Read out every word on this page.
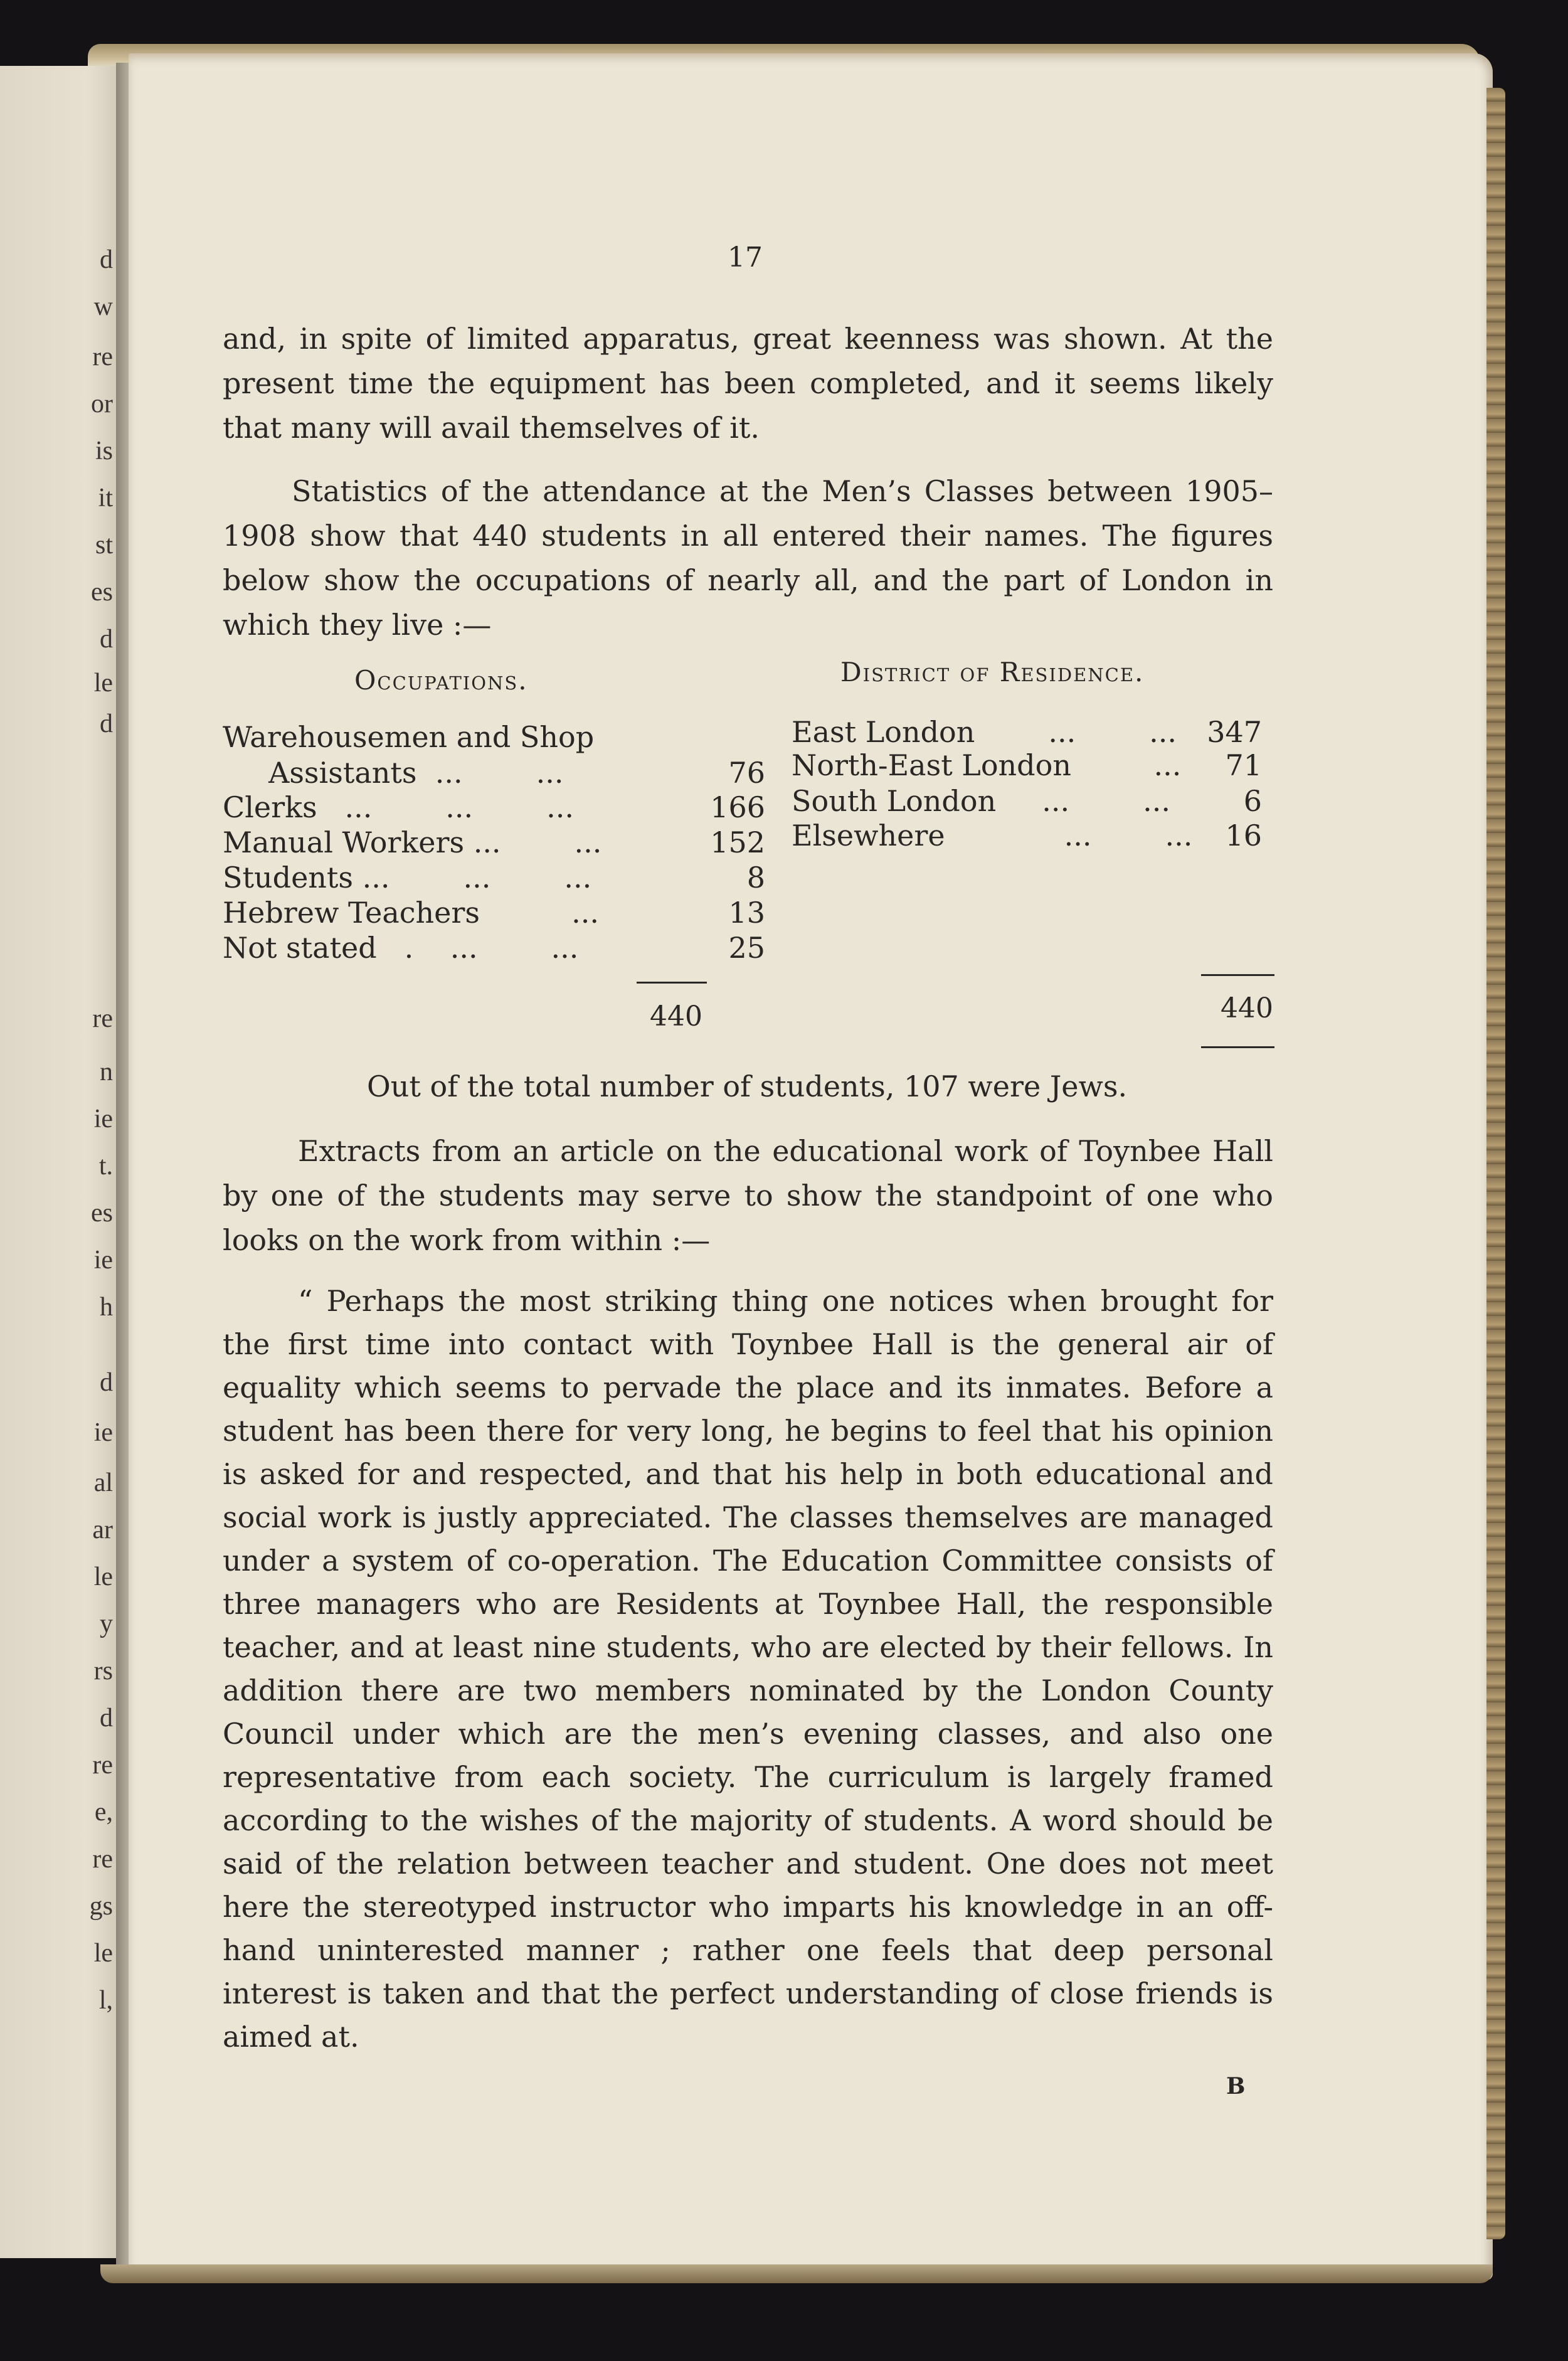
d
w
re
or
is
it
st
es
d
le
d
re
n
ie
t.
es
ie
h
d
ie
al
ar
le
y
rs
d
re
e,
re
gs
le
l,
17
and, in spite of limited apparatus, great keenness was shown. At the present time the equipment has been completed, and it seems likely that many will avail themselves of it.
Statistics of the attendance at the Men’s Classes between 1905–1908 show that 440 students in all entered their names. The figures below show the occupations of nearly all, and the part of London in which they live :—
Occupations.	District of Residence.
Warehousemen and Shop
Assistants  ...        ...	76
Clerks   ...        ...        ...	166
Manual Workers ...        ...	152
Students ...        ...        ...	8
Hebrew Teachers          ...	13
Not stated   .    ...        ...	25
440
East London        ...        ...	347
North-East London         ...	71
South London     ...        ...	6
Elsewhere             ...        ...	16
440
Out of the total number of students, 107 were Jews.
Extracts from an article on the educational work of Toynbee Hall by one of the students may serve to show the standpoint of one who looks on the work from within :—
“ Perhaps the most striking thing one notices when brought for the first time into contact with Toynbee Hall is the general air of equality which seems to pervade the place and its inmates. Before a student has been there for very long, he begins to feel that his opinion is asked for and respected, and that his help in both educational and social work is justly appreciated. The classes themselves are managed under a system of co-operation. The Education Committee consists of three managers who are Residents at Toynbee Hall, the responsible teacher, and at least nine students, who are elected by their fellows. In addition there are two members nominated by the London County Council under which are the men’s evening classes, and also one representative from each society. The curriculum is largely framed according to the wishes of the majority of students. A word should be said of the relation between teacher and student. One does not meet here the stereotyped instructor who imparts his knowledge in an off-hand uninterested manner ; rather one feels that deep personal interest is taken and that the perfect understanding of close friends is aimed at.
B
